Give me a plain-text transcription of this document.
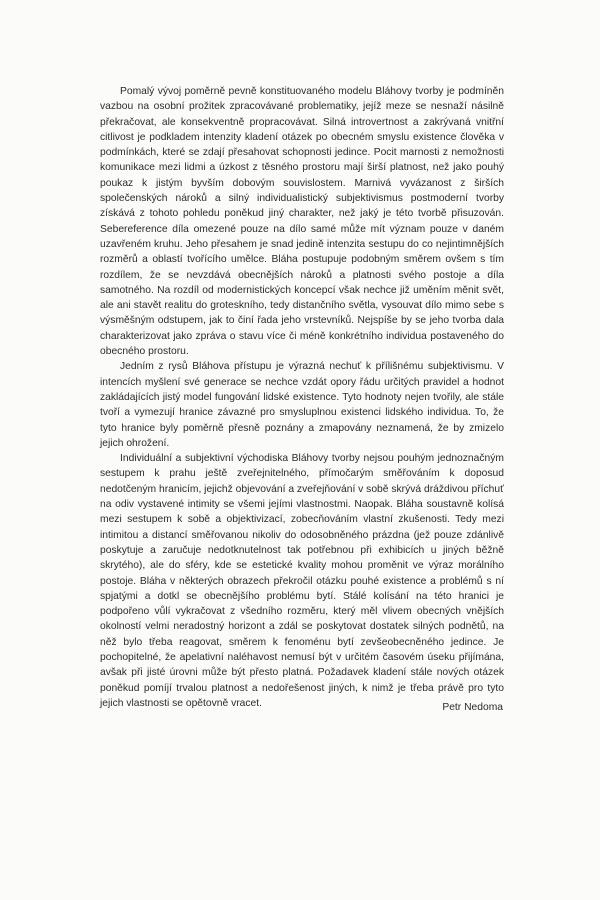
Pomalý vývoj poměrně pevně konstituovaného modelu Bláhovy tvorby je podmíněn vazbou na osobní prožitek zpracovávané problematiky, jejíž meze se nesnaží násilně překračovat, ale konsekventně propracovávat. Silná introvertnost a zakrývaná vnitřní citlivost je podkladem intenzity kladení otázek po obecném smyslu existence člověka v podmínkách, které se zdají přesahovat schopnosti jedince. Pocit marnosti z nemožnosti komunikace mezi lidmi a úzkost z těsného prostoru mají širší platnost, než jako pouhý poukaz k jistým byvším dobovým souvislostem. Marnivá vyvázanost z širších společenských nároků a silný individualistický subjektivismus postmoderní tvorby získává z tohoto pohledu poněkud jiný charakter, než jaký je této tvorbě přisuzován. Sebereference díla omezené pouze na dílo samé může mít význam pouze v daném uzavřeném kruhu. Jeho přesahem je snad jedině intenzita sestupu do co nejintimnějších rozměrů a oblastí tvořícího umělce. Bláha postupuje podobným směrem ovšem s tím rozdílem, že se nevzdává obecnějších nároků a platnosti svého postoje a díla samotného. Na rozdíl od modernistických koncepcí však nechce již uměním měnit svět, ale ani stavět realitu do groteskního, tedy distančního světla, vysouvat dílo mimo sebe s výsměšným odstupem, jak to činí řada jeho vrstevníků. Nejspíše by se jeho tvorba dala charakterizovat jako zpráva o stavu více či méně konkrétního individua postaveného do obecného prostoru.

Jedním z rysů Bláhova přístupu je výrazná nechuť k přílišnému subjektivismu. V intencích myšlení své generace se nechce vzdát opory řádu určitých pravidel a hodnot zakládajících jistý model fungování lidské existence. Tyto hodnoty nejen tvořily, ale stále tvoří a vymezují hranice závazné pro smysluplnou existenci lidského individua. To, že tyto hranice byly poměrně přesně poznány a zmapovány neznamená, že by zmizelo jejich ohrožení.

Individuální a subjektivní východiska Bláhovy tvorby nejsou pouhým jednoznačným sestupem k prahu ještě zveřejnitelného, přímočarým směřováním k doposud nedotčeným hranicím, jejichž objevování a zveřejňování v sobě skrývá dráždivou příchuť na odiv vystavené intimity se všemi jejími vlastnostmi. Naopak. Bláha soustavně kolísá mezi sestupem k sobě a objektivizací, zobecňováním vlastní zkušenosti. Tedy mezi intimitou a distancí směřovanou nikoliv do odosobněného prázdna (jež pouze zdánlivě poskytuje a zaručuje nedotknutelnost tak potřebnou při exhibicích u jiných běžně skrytého), ale do sféry, kde se estetické kvality mohou proměnit ve výraz morálního postoje. Bláha v některých obrazech překročil otázku pouhé existence a problémů s ní spjatými a dotkl se obecnějšího problému bytí. Stálé kolísání na této hranici je podpořeno vůlí vykračovat z všedního rozměru, který měl vlivem obecných vnějších okolností velmi neradostný horizont a zdál se poskytovat dostatek silných podnětů, na něž bylo třeba reagovat, směrem k fenoménu bytí zevšeobecněného jedince. Je pochopitelné, že apelativní naléhavost nemusí být v určitém časovém úseku přijímána, avšak při jisté úrovni může být přesto platná. Požadavek kladení stále nových otázek poněkud pomíjí trvalou platnost a nedořešenost jiných, k nimž je třeba právě pro tyto jejich vlastnosti se opětovně vracet.	Petr Nedoma
